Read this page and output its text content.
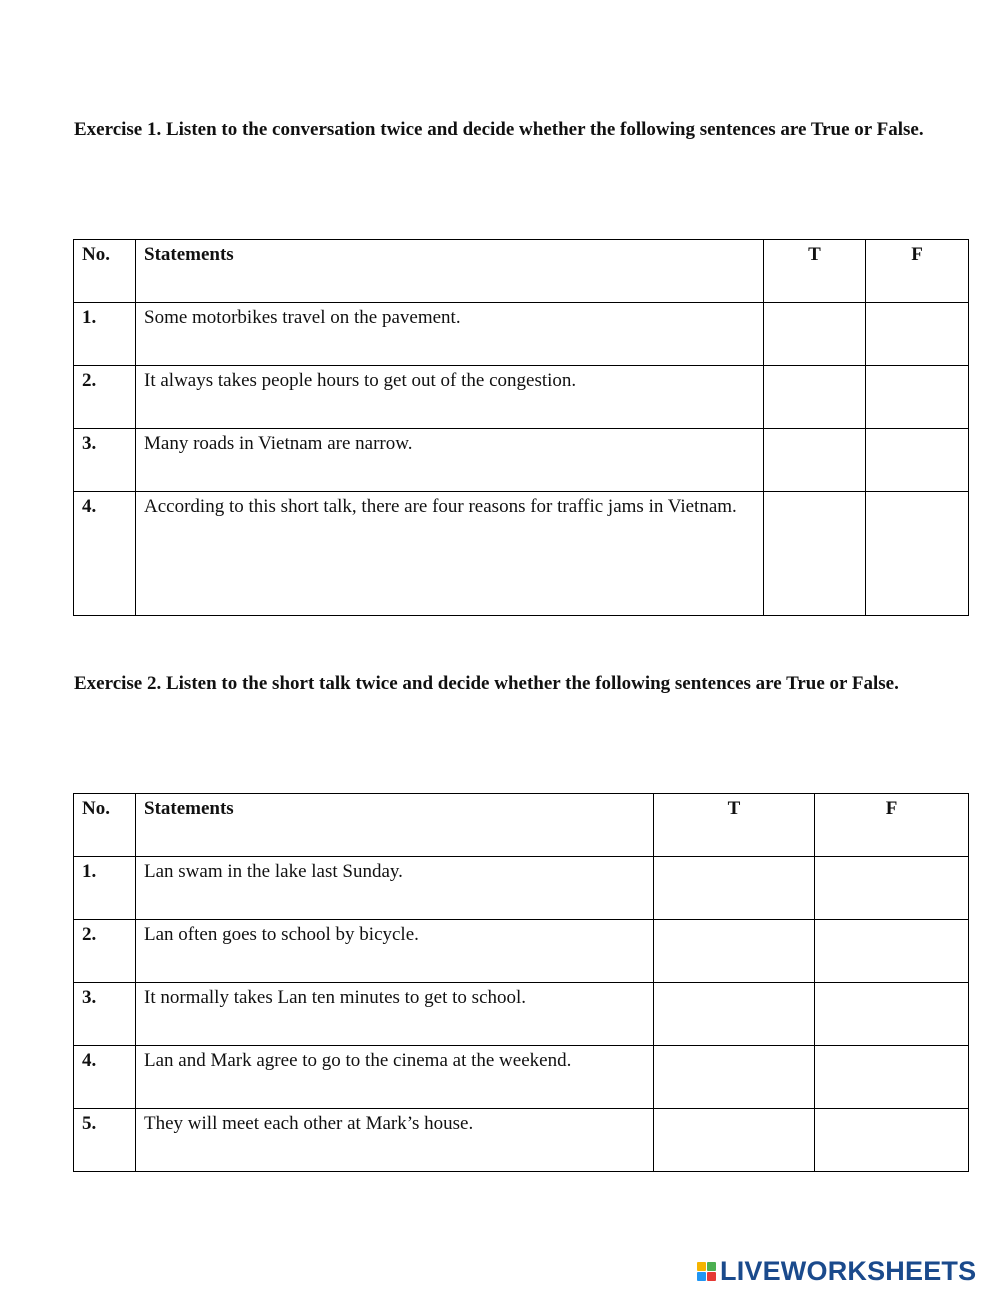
Exercise 1. Listen to the conversation twice and decide whether the following sentences are True or False.

No.	Statements	T	F

1.	Some motorbikes travel on the pavement.		

2.	It always takes people hours to get out of the congestion.		

3.	Many roads in Vietnam are narrow.		

4.	According to this short talk, there are four reasons for traffic jams in Vietnam.		

Exercise 2. Listen to the short talk twice and decide whether the following sentences are True or False.

No.	Statements	T	F

1.	Lan swam in the lake last Sunday.		

2.	Lan often goes to school by bicycle.		

3.	It normally takes Lan ten minutes to get to school.		

4.	Lan and Mark agree to go to the cinema at the weekend.		

5.	They will meet each other at Mark’s house.		

LIVEWORKSHEETS
